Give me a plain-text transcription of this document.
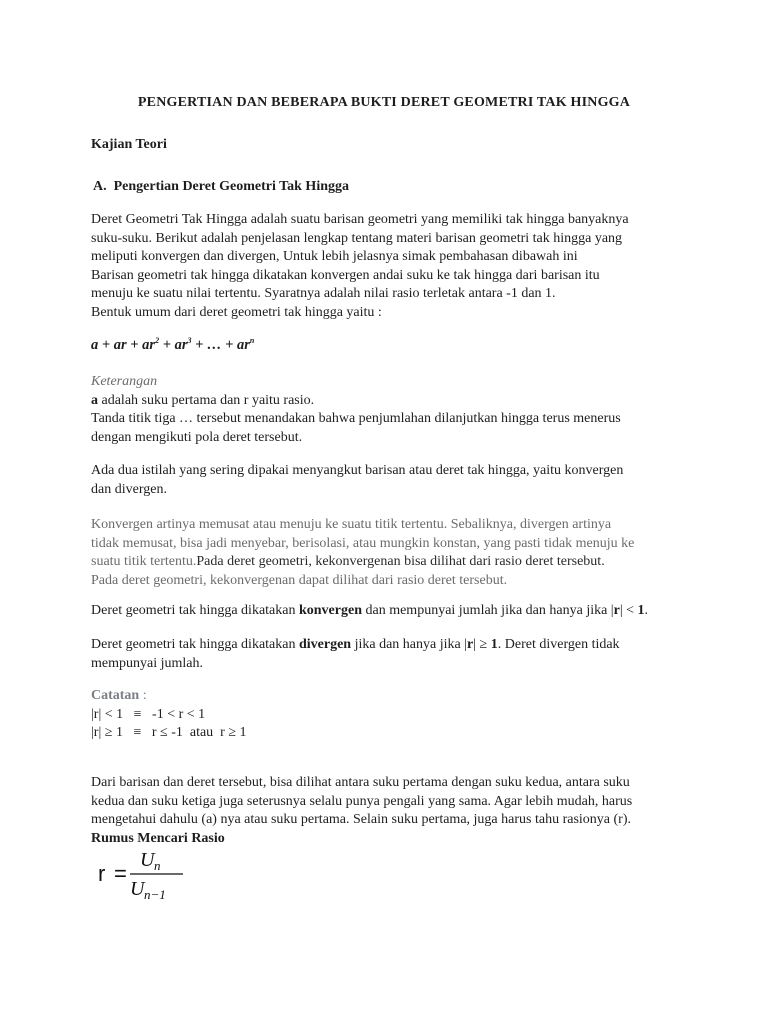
PENGERTIAN DAN BEBERAPA BUKTI DERET GEOMETRI TAK HINGGA

Kajian Teori

A. Pengertian Deret Geometri Tak Hingga

Deret Geometri Tak Hingga adalah suatu barisan geometri yang memiliki tak hingga banyaknya
suku-suku. Berikut adalah penjelasan lengkap tentang materi barisan geometri tak hingga yang
meliputi konvergen dan divergen, Untuk lebih jelasnya simak pembahasan dibawah ini
Barisan geometri tak hingga dikatakan konvergen andai suku ke tak hingga dari barisan itu
menuju ke suatu nilai tertentu. Syaratnya adalah nilai rasio terletak antara -1 dan 1.
Bentuk umum dari deret geometri tak hingga yaitu :

a + ar + $ar^2 + ar^3$ + … + $ar^n$

Keterangan
a adalah suku pertama dan r yaitu rasio.
Tanda titik tiga … tersebut menandakan bahwa penjumlahan dilanjutkan hingga terus menerus
dengan mengikuti pola deret tersebut.
Ada dua istilah yang sering dipakai menyangkut barisan atau deret tak hingga, yaitu konvergen
dan divergen.
Konvergen artinya memusat atau menuju ke suatu titik tertentu. Sebaliknya, divergen artinya
tidak memusat, bisa jadi menyebar, berisolasi, atau mungkin konstan, yang pasti tidak menuju ke
suatu titik tertentu.Pada deret geometri, kekonvergenan bisa dilihat dari rasio deret tersebut.
Pada deret geometri, kekonvergenan dapat dilihat dari rasio deret tersebut.

Deret geometri tak hingga dikatakan konvergen dan mempunyai jumlah jika dan hanya jika |r| < 1.

Deret geometri tak hingga dikatakan divergen jika dan hanya jika |r| ≥ 1. Deret divergen tidak
mempunyai jumlah.
Catatan :
|r| < 1   ≡   -1 < r < 1
|r| ≥ 1   ≡   r ≤ -1  atau  r ≥ 1
Dari barisan dan deret tersebut, bisa dilihat antara suku pertama dengan suku kedua, antara suku
kedua dan suku ketiga juga seterusnya selalu punya pengali yang sama. Agar lebih mudah, harus
mengetahui dahulu (a) nya atau suku pertama. Selain suku pertama, juga harus tahu rasionya (r).
Rumus Mencari Rasio
r =
U n
U n−1
